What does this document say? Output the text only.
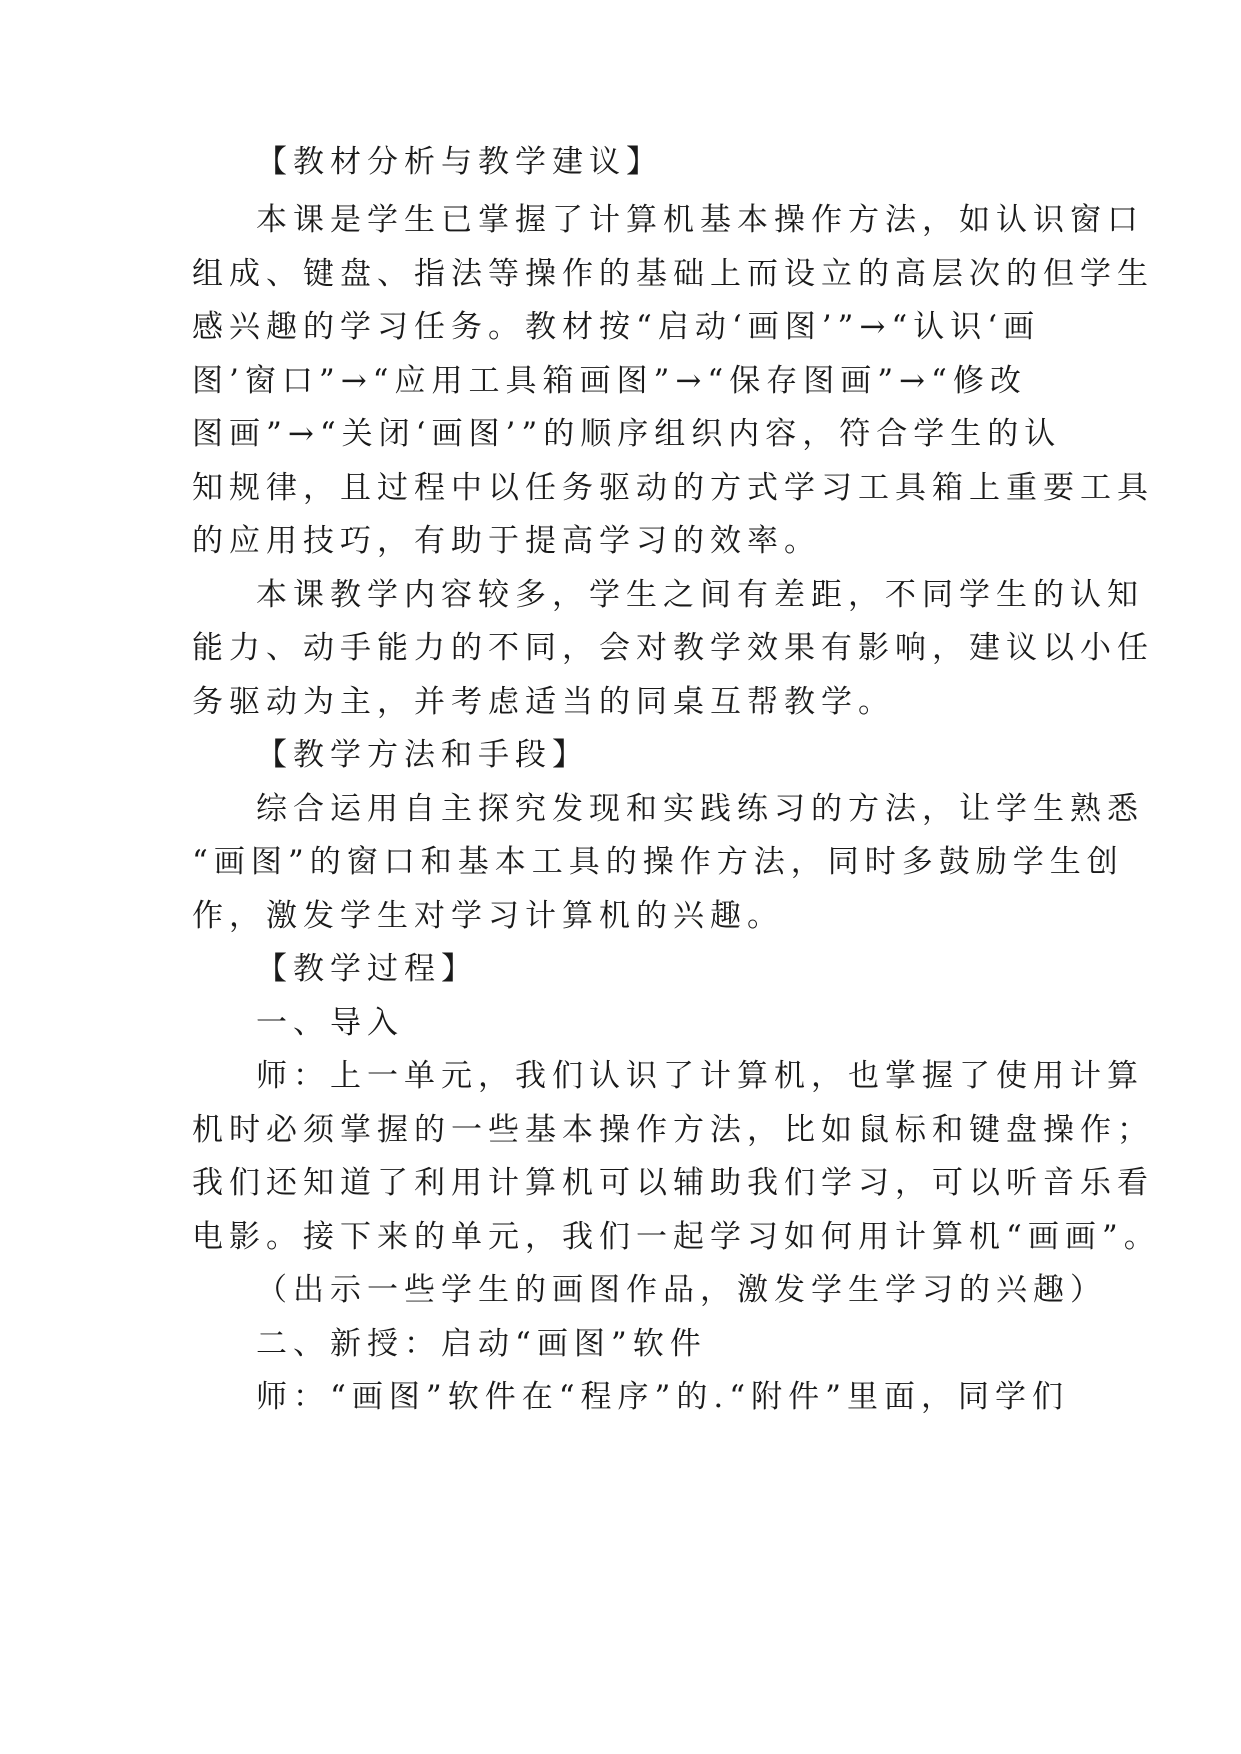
【教材分析与教学建议】
本课是学生已掌握了计算机基本操作方法，如认识窗口
组成、键盘、指法等操作的基础上而设立的高层次的但学生
感兴趣的学习任务。教材按“启动‘画图’”→“认识‘画
图’窗口”→“应用工具箱画图”→“保存图画”→“修改
图画”→“关闭‘画图’”的顺序组织内容，符合学生的认
知规律，且过程中以任务驱动的方式学习工具箱上重要工具
的应用技巧，有助于提高学习的效率。
本课教学内容较多，学生之间有差距，不同学生的认知
能力、动手能力的不同，会对教学效果有影响，建议以小任
务驱动为主，并考虑适当的同桌互帮教学。
【教学方法和手段】
综合运用自主探究发现和实践练习的方法，让学生熟悉
“画图”的窗口和基本工具的操作方法，同时多鼓励学生创
作，激发学生对学习计算机的兴趣。
【教学过程】
一、导入
师：上一单元，我们认识了计算机，也掌握了使用计算
机时必须掌握的一些基本操作方法，比如鼠标和键盘操作；
我们还知道了利用计算机可以辅助我们学习，可以听音乐看
电影。接下来的单元，我们一起学习如何用计算机“画画”。
（出示一些学生的画图作品，激发学生学习的兴趣）
二、新授：启动“画图”软件
师：“画图”软件在“程序”的.“附件”里面，同学们
